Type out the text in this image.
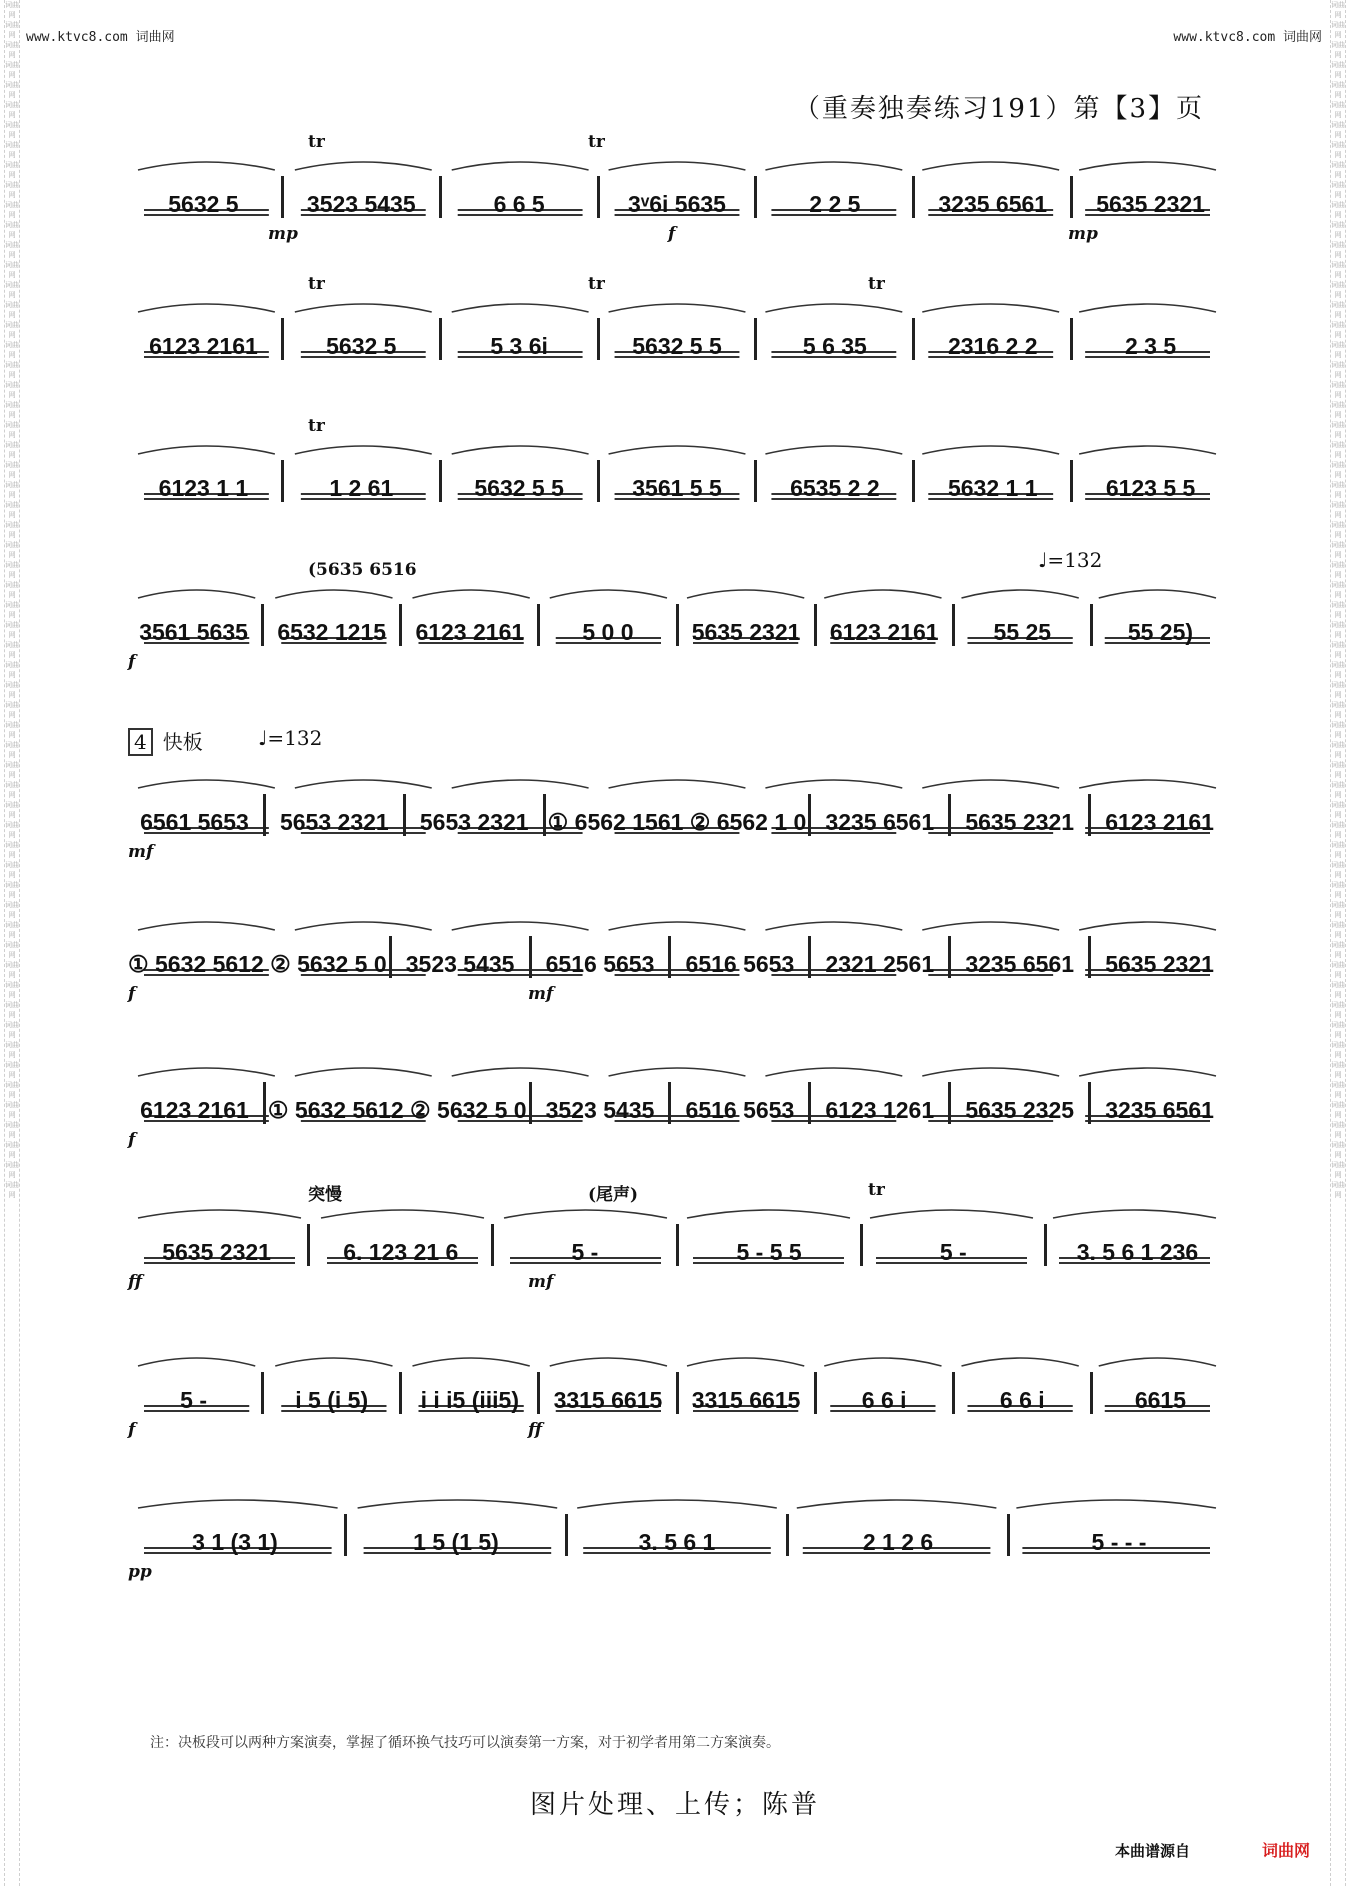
词曲网 词曲网 词曲网 词曲网 词曲网 词曲网 词曲网 词曲网 词曲网 词曲网 词曲网 词曲网 词曲网 词曲网 词曲网 词曲网 词曲网 词曲网 词曲网 词曲网 词曲网 词曲网 词曲网 词曲网 词曲网 词曲网 词曲网 词曲网 词曲网 词曲网 词曲网 词曲网 词曲网 词曲网 词曲网 词曲网 词曲网 词曲网 词曲网 词曲网 词曲网 词曲网 词曲网 词曲网 词曲网 词曲网 词曲网 词曲网 词曲网 词曲网 词曲网 词曲网 词曲网 词曲网 词曲网 词曲网 词曲网 词曲网 词曲网 词曲网
词曲网 词曲网 词曲网 词曲网 词曲网 词曲网 词曲网 词曲网 词曲网 词曲网 词曲网 词曲网 词曲网 词曲网 词曲网 词曲网 词曲网 词曲网 词曲网 词曲网 词曲网 词曲网 词曲网 词曲网 词曲网 词曲网 词曲网 词曲网 词曲网 词曲网 词曲网 词曲网 词曲网 词曲网 词曲网 词曲网 词曲网 词曲网 词曲网 词曲网 词曲网 词曲网 词曲网 词曲网 词曲网 词曲网 词曲网 词曲网 词曲网 词曲网 词曲网 词曲网 词曲网 词曲网 词曲网 词曲网 词曲网 词曲网 词曲网 词曲网
www.ktvc8.com 词曲网	www.ktvc8.com 词曲网
（重奏独奏练习191）第【3】页
5632 5	3523 5435	6 6 5	3ᵛ6i 5635	2 2 5	3235 6561	5635 2321
mp	f	mp
tr	tr
6123 2161	5632 5	5 3 6i	5632 5 5	5 6 35	2316 2 2	2 3 5
tr	tr	tr
6123 1 1	1 2 61	5632 5 5	3561 5 5	6535 2 2	5632 1 1	6123 5 5
tr
3561 5635	6532 1215	6123 2161	5 0 0	5635 2321	6123 2161	55 25	55 25)
f
(5635 6516	♩=132
6561 5653	5653 2321	5653 2321 ① 6562 1561 ② 6562 1 0 3235 6561	5635 2321	6123 2161
mf
♩=132
4 快板
① 5632 5612 ② 5632 5 0 3523 5435	6516 5653	6516 5653	2321 2561	3235 6561	5635 2321
f	mf
6123 2161 ① 5632 5612 ② 5632 5 0 3523 5435	6516 5653	6123 1261	5635 2325	3235 6561
f
5635 2321	6. 123 21 6	5 -	5 - 5 5	5 -	3. 5 6 1 236
ff	mf
突慢	(尾声)	tr
5 -	i 5 (i 5)	i i i5 (iii5)	3315 6615	3315 6615	6 6 i	6 6 i	6615
f	ff
3 1 (3 1)	1 5 (1 5)	3. 5 6 1	2 1 2 6	5 - - -
pp
注：决板段可以两种方案演奏，掌握了循环换气技巧可以演奏第一方案，对于初学者用第二方案演奏。
图片处理、上传；陈普
本曲谱源自	词曲网
